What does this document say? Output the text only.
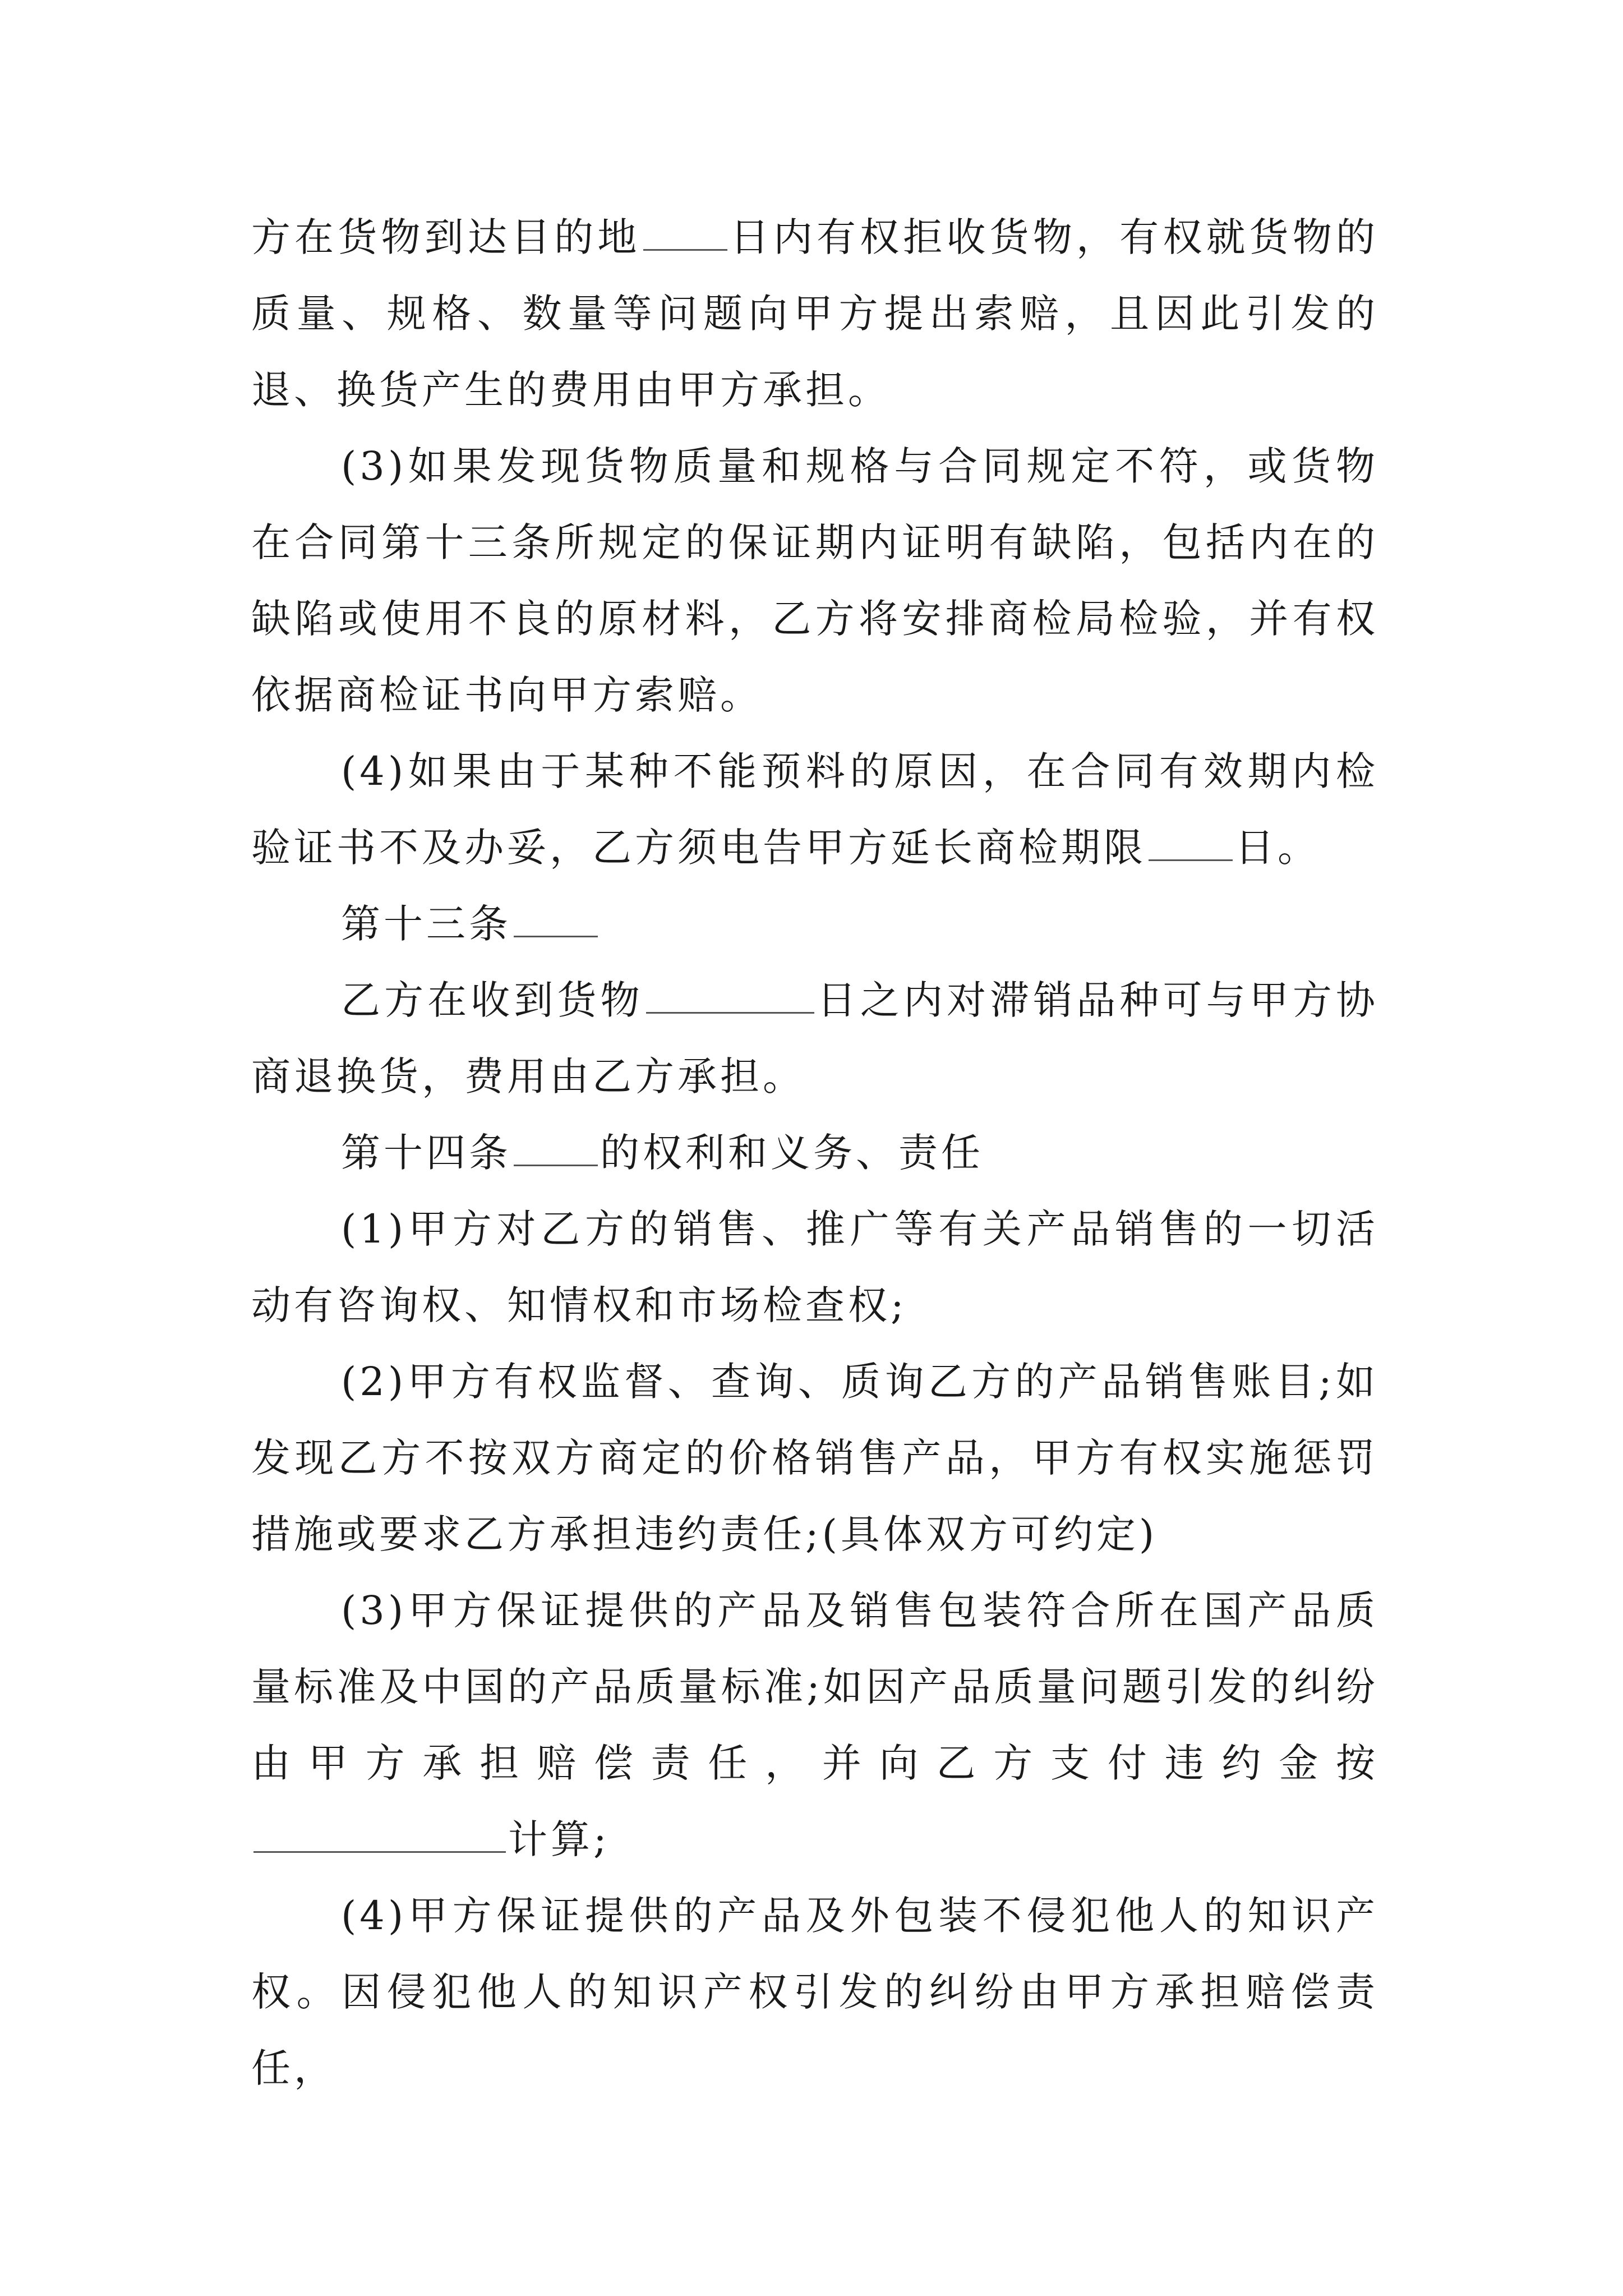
方在货物到达目的地 日内有权拒收货物，有权就货物的质量、规格、数量等问题向甲方提出索赔，且因此引发的退、换货产生的费用由甲方承担。

(3)如果发现货物质量和规格与合同规定不符，或货物在合同第十三条所规定的保证期内证明有缺陷，包括内在的缺陷或使用不良的原材料，乙方将安排商检局检验，并有权依据商检证书向甲方索赔。

(4)如果由于某种不能预料的原因，在合同有效期内检验证书不及办妥，乙方须电告甲方延长商检期限 日。

第十三条

乙方在收到货物	日之内对滞销品种可与甲方协商退换货，费用由乙方承担。

第十四条 的权利和义务、责任

(1)甲方对乙方的销售、推广等有关产品销售的一切活动有咨询权、知情权和市场检查权;

(2)甲方有权监督、查询、质询乙方的产品销售账目;如发现乙方不按双方商定的价格销售产品，甲方有权实施惩罚措施或要求乙方承担违约责任;(具体双方可约定)

(3)甲方保证提供的产品及销售包装符合所在国产品质量标准及中国的产品质量标准;如因产品质量问题引发的纠纷由甲方承担赔偿责任，并向乙方支付违约金按

计算;

(4)甲方保证提供的产品及外包装不侵犯他人的知识产权。因侵犯他人的知识产权引发的纠纷由甲方承担赔偿责任，
